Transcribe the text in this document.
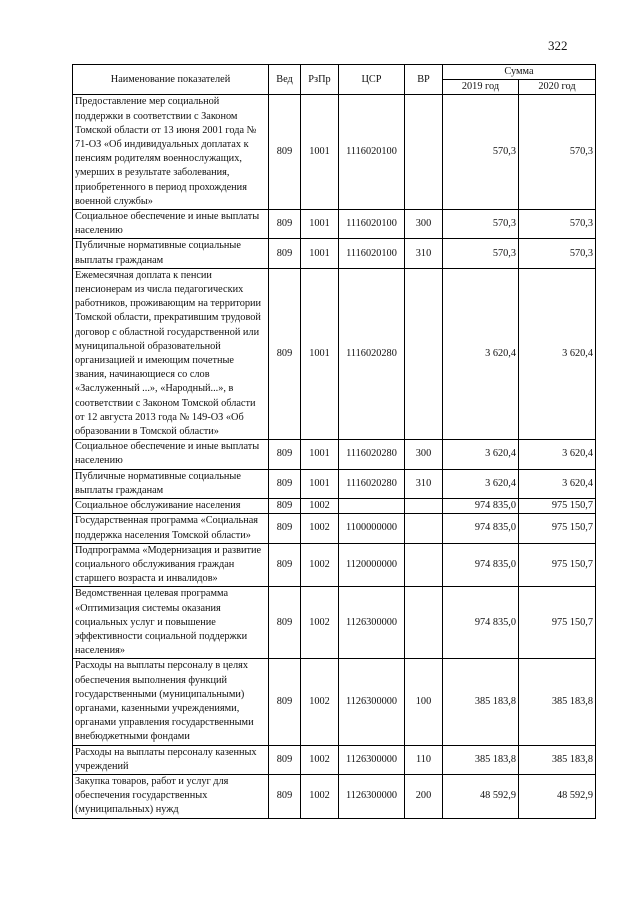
322
Наименование показателей	Вед	РзПр	ЦСР	ВР	Сумма	
					2019 год	2020 год
Предоставление мер социальной поддержки в соответствии с Законом Томской области от 13 июня 2001 года № 71-ОЗ «Об индивидуальных доплатах к пенсиям родителям военнослужащих, умерших в результате заболевания, приобретенного в период прохождения военной службы»	809	1001	1116020100		570,3	570,3
Социальное обеспечение и иные выплаты населению	809	1001	1116020100	300	570,3	570,3
Публичные нормативные социальные выплаты гражданам	809	1001	1116020100	310	570,3	570,3
Ежемесячная доплата к пенсии пенсионерам из числа педагогических работников, проживающим на территории Томской области, прекратившим трудовой договор с областной государственной или муниципальной образовательной организацией и имеющим почетные звания, начинающиеся со слов «Заслуженный ...», «Народный...», в соответствии с Законом Томской области от 12 августа 2013 года № 149-ОЗ «Об образовании в Томской области»	809	1001	1116020280		3 620,4	3 620,4
Социальное обеспечение и иные выплаты населению	809	1001	1116020280	300	3 620,4	3 620,4
Публичные нормативные социальные выплаты гражданам	809	1001	1116020280	310	3 620,4	3 620,4
Социальное обслуживание населения	809	1002			974 835,0	975 150,7
Государственная программа «Социальная поддержка населения Томской области»	809	1002	1100000000		974 835,0	975 150,7
Подпрограмма «Модернизация и развитие социального обслуживания граждан старшего возраста и инвалидов»	809	1002	1120000000		974 835,0	975 150,7
Ведомственная целевая программа «Оптимизация системы оказания социальных услуг и повышение эффективности социальной поддержки населения»	809	1002	1126300000		974 835,0	975 150,7
Расходы на выплаты персоналу в целях обеспечения выполнения функций государственными (муниципальными) органами, казенными учреждениями, органами управления государственными внебюджетными фондами	809	1002	1126300000	100	385 183,8	385 183,8
Расходы на выплаты персоналу казенных учреждений	809	1002	1126300000	110	385 183,8	385 183,8
Закупка товаров, работ и услуг для обеспечения государственных (муниципальных) нужд	809	1002	1126300000	200	48 592,9	48 592,9
